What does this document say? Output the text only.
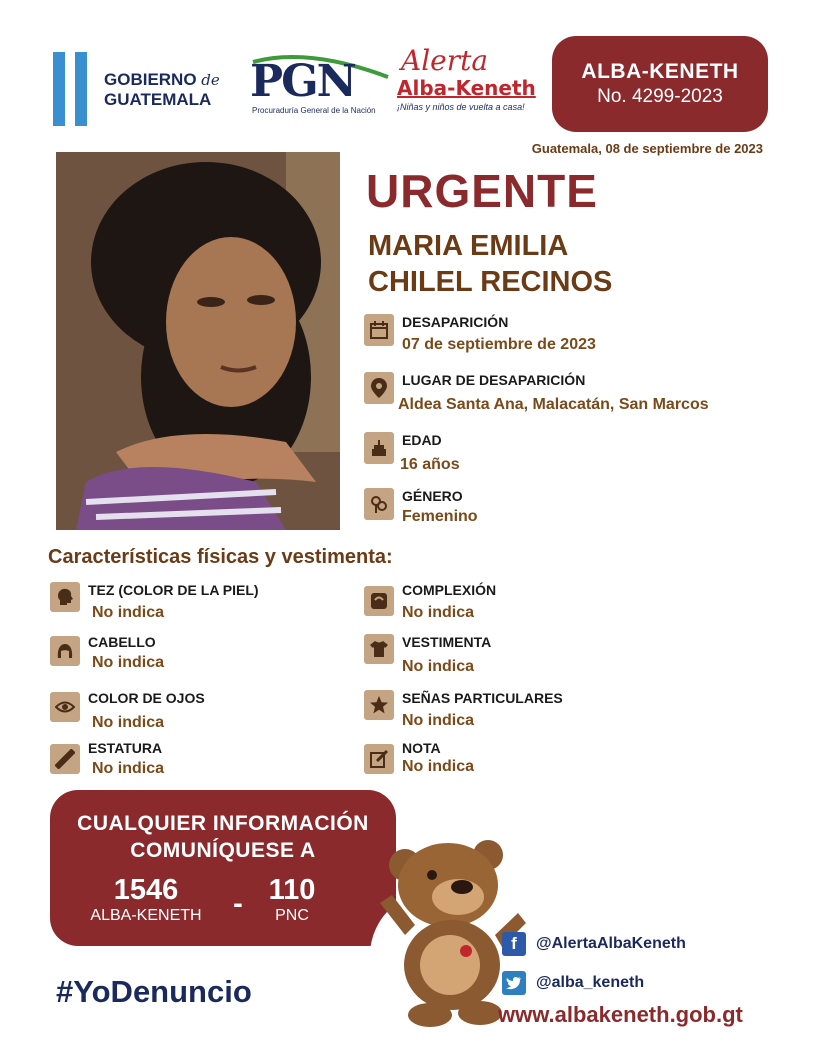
GOBIERNO de
GUATEMALA PGN
Procuraduría General de la Nación
Alerta
Alba-Keneth
¡Niñas y niños de vuelta a casa!
ALBA-KENETH
No. 4299-2023
Guatemala, 08 de septiembre de 2023
URGENTE
MARIA EMILIA
CHILEL RECINOS
DESAPARICIÓN
07 de septiembre de 2023
LUGAR DE DESAPARICIÓN
Aldea Santa Ana, Malacatán, San Marcos
EDAD
16 años
GÉNERO
Femenino
Características físicas y vestimenta:
TEZ (COLOR DE LA PIEL)
No indica
CABELLO
No indica
COLOR DE OJOS
No indica
ESTATURA
No indica
COMPLEXIÓN
No indica
VESTIMENTA
No indica
SEÑAS PARTICULARES
No indica
NOTA
No indica
CUALQUIER INFORMACIÓN
COMUNÍQUESE A
1546
ALBA-KENETH	- 110
PNC
#YoDenuncio
f	@AlertaAlbaKeneth
@alba_keneth
www.albakeneth.gob.gt
